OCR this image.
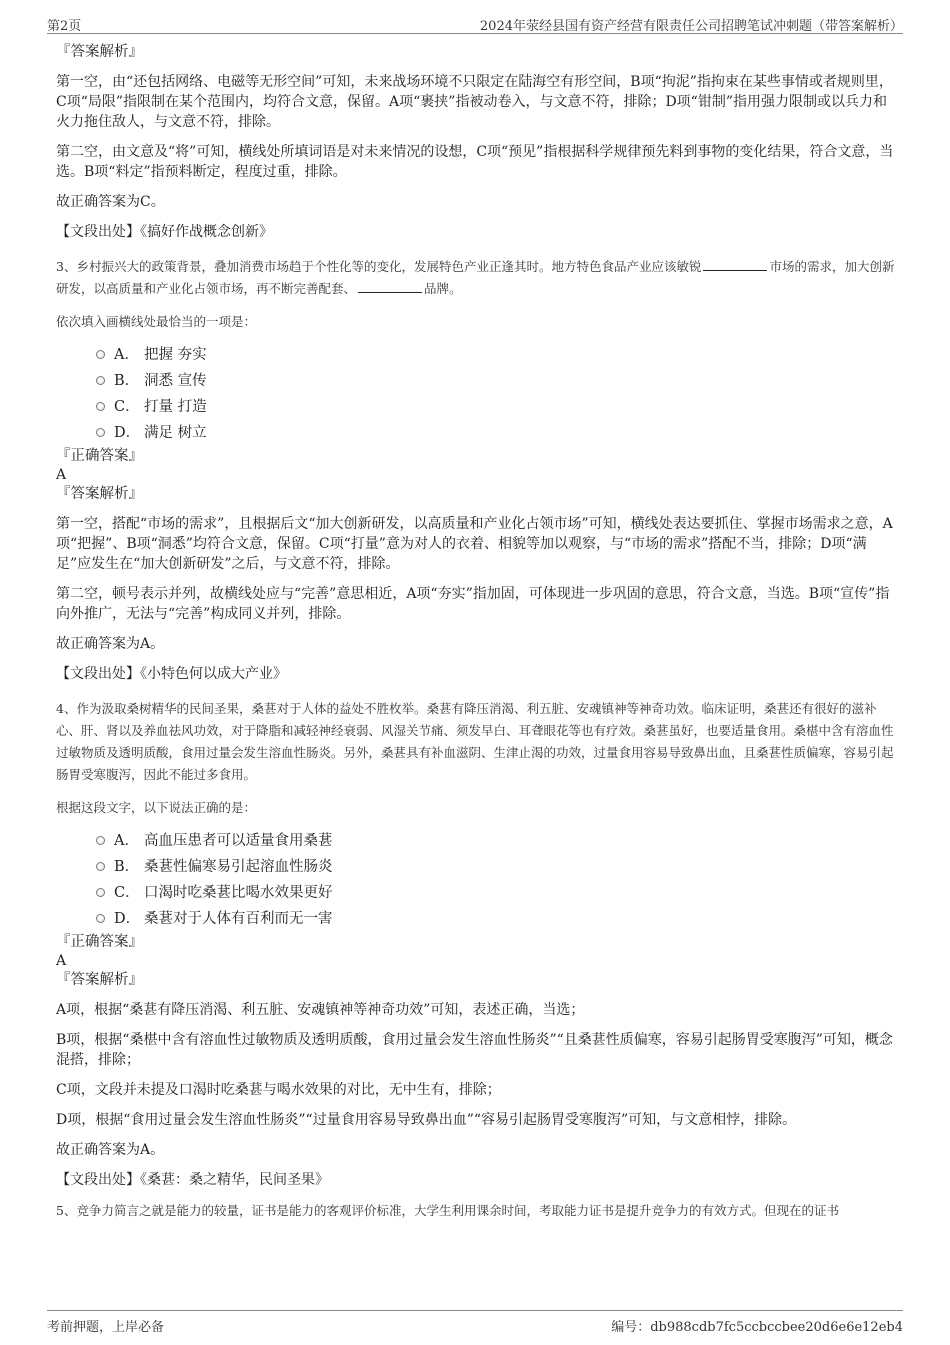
第2页	2024年荥经县国有资产经营有限责任公司招聘笔试冲刺题（带答案解析）
『答案解析』

第一空，由“还包括网络、电磁等无形空间”可知，未来战场环境不只限定在陆海空有形空间，B项“拘泥”指拘束在某些事情或者规则里，C项“局限”指限制在某个范围内，均符合文意，保留。A项“裹挟”指被动卷入，与文意不符，排除；D项“钳制”指用强力限制或以兵力和火力拖住敌人，与文意不符，排除。

第二空，由文意及“将”可知，横线处所填词语是对未来情况的设想，C项“预见”指根据科学规律预先料到事物的变化结果，符合文意，当选。B项“料定”指预料断定，程度过重，排除。

故正确答案为C。

【文段出处】《搞好作战概念创新》
3、乡村振兴大的政策背景，叠加消费市场趋于个性化等的变化，发展特色产业正逢其时。地方特色食品产业应该敏锐	市场的需求，加大创新研发，以高质量和产业化占领市场，再不断完善配套、	品牌。
依次填入画横线处最恰当的一项是：
A． 把握 夯实
B． 洞悉 宣传
C． 打量 打造
D． 满足 树立
『正确答案』
A
『答案解析』

第一空，搭配“市场的需求”，且根据后文“加大创新研发，以高质量和产业化占领市场”可知，横线处表达要抓住、掌握市场需求之意，A项“把握”、B项“洞悉”均符合文意，保留。C项“打量”意为对人的衣着、相貌等加以观察，与“市场的需求”搭配不当，排除；D项“满足”应发生在“加大创新研发”之后，与文意不符，排除。

第二空，顿号表示并列，故横线处应与“完善”意思相近，A项“夯实”指加固，可体现进一步巩固的意思，符合文意，当选。B项“宣传”指向外推广，无法与“完善”构成同义并列，排除。

故正确答案为A。

【文段出处】《小特色何以成大产业》
4、作为汲取桑树精华的民间圣果，桑葚对于人体的益处不胜枚举。桑葚有降压消渴、利五脏、安魂镇神等神奇功效。临床证明，桑葚还有很好的滋补心、肝、肾以及养血祛风功效，对于降脂和减轻神经衰弱、风湿关节痛、须发早白、耳聋眼花等也有疗效。桑葚虽好，也要适量食用。桑椹中含有溶血性过敏物质及透明质酸，食用过量会发生溶血性肠炎。另外，桑葚具有补血滋阴、生津止渴的功效，过量食用容易导致鼻出血，且桑葚性质偏寒，容易引起肠胃受寒腹泻，因此不能过多食用。
根据这段文字，以下说法正确的是：
A． 高血压患者可以适量食用桑葚
B． 桑葚性偏寒易引起溶血性肠炎
C． 口渴时吃桑葚比喝水效果更好
D． 桑葚对于人体有百利而无一害
『正确答案』
A
『答案解析』

A项，根据“桑葚有降压消渴、利五脏、安魂镇神等神奇功效”可知，表述正确，当选；

B项，根据“桑椹中含有溶血性过敏物质及透明质酸，食用过量会发生溶血性肠炎”“且桑葚性质偏寒，容易引起肠胃受寒腹泻”可知，概念混搭，排除；

C项，文段并未提及口渴时吃桑葚与喝水效果的对比，无中生有，排除；

D项，根据“食用过量会发生溶血性肠炎”“过量食用容易导致鼻出血”“容易引起肠胃受寒腹泻”可知，与文意相悖，排除。

故正确答案为A。

【文段出处】《桑葚：桑之精华，民间圣果》
5、竞争力简言之就是能力的较量，证书是能力的客观评价标准，大学生利用课余时间，考取能力证书是提升竞争力的有效方式。但现在的证书
考前押题，上岸必备	编号：db988cdb7fc5ccbccbee20d6e6e12eb4
